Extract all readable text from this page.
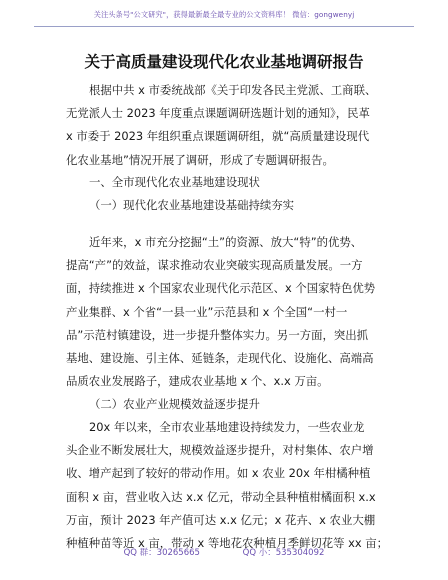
关注头条号"公文研究"，获得最新最全最专业的公文资料库！ 微信：gongwenyj
关于高质量建设现代化农业基地调研报告
根据中共 x 市委统战部《关于印发各民主党派、工商联、
无党派人士 2023 年度重点课题调研选题计划的通知》，民革
x 市委于 2023 年组织重点课题调研组，就“高质量建设现代
化农业基地”情况开展了调研，形成了专题调研报告。
一、全市现代化农业基地建设现状
（一）现代化农业基地建设基础持续夯实
近年来，x 市充分挖掘“土”的资源、放大“特”的优势、
提高“产”的效益，谋求推动农业突破实现高质量发展。一方
面，持续推进 x 个国家农业现代化示范区、x 个国家特色优势
产业集群、x 个省“一县一业”示范县和 x 个全国“一村一
品”示范村镇建设，进一步提升整体实力。另一方面，突出抓
基地、建设施、引主体、延链条，走现代化、设施化、高端高
品质农业发展路子，建成农业基地 x 个、x.x 万亩。
（二）农业产业规模效益逐步提升
20x 年以来，全市农业基地建设持续发力，一些农业龙
头企业不断发展壮大，规模效益逐步提升，对村集体、农户增
收、增产起到了较好的带动作用。如 x 农业 20x 年柑橘种植
面积 x 亩，营业收入达 x.x 亿元，带动全县种植柑橘面积 x.x
万亩，预计 2023 年产值可达 x.x 亿元；x 花卉、x 农业大棚
种植种苗等近 x 亩，带动 x 等地花农种植月季鲜切花等 xx 亩；
QQ 群：30265665	QQ 小：535304092
